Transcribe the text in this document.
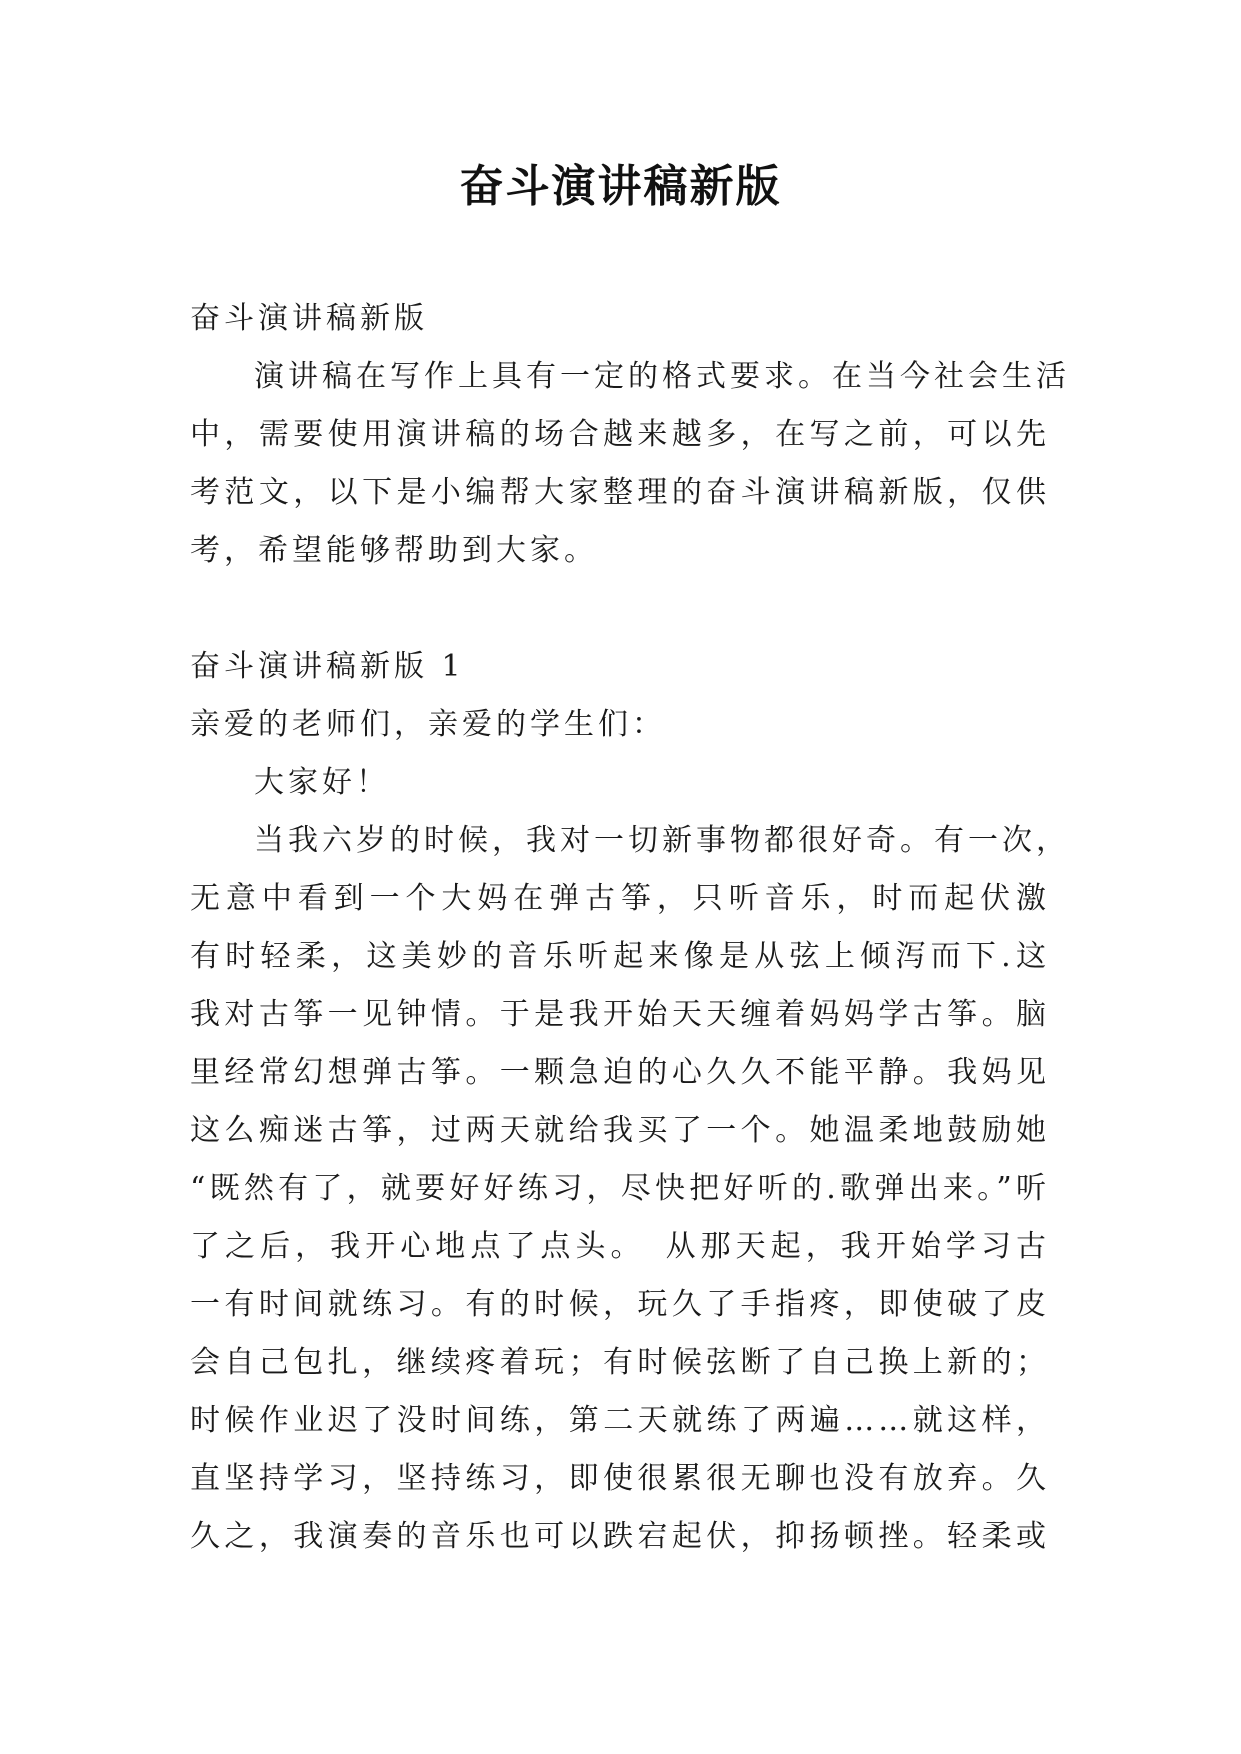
奋斗演讲稿新版
奋斗演讲稿新版
演讲稿在写作上具有一定的格式要求。在当今社会生活
中，需要使用演讲稿的场合越来越多，在写之前，可以先
考范文，以下是小编帮大家整理的奋斗演讲稿新版，仅供
考，希望能够帮助到大家。
奋斗演讲稿新版 1
亲爱的老师们，亲爱的学生们：
大家好！
当我六岁的时候，我对一切新事物都很好奇。有一次，
无意中看到一个大妈在弹古筝，只听音乐，时而起伏激
有时轻柔，这美妙的音乐听起来像是从弦上倾泻而下.这
我对古筝一见钟情。于是我开始天天缠着妈妈学古筝。脑
里经常幻想弹古筝。一颗急迫的心久久不能平静。我妈见
这么痴迷古筝，过两天就给我买了一个。她温柔地鼓励她
“既然有了，就要好好练习，尽快把好听的.歌弹出来。”听
了之后，我开心地点了点头。　从那天起，我开始学习古
一有时间就练习。有的时候，玩久了手指疼，即使破了皮
会自己包扎，继续疼着玩；有时候弦断了自己换上新的；
时候作业迟了没时间练，第二天就练了两遍……就这样，
直坚持学习，坚持练习，即使很累很无聊也没有放弃。久
久之，我演奏的音乐也可以跌宕起伏，抑扬顿挫。轻柔或
